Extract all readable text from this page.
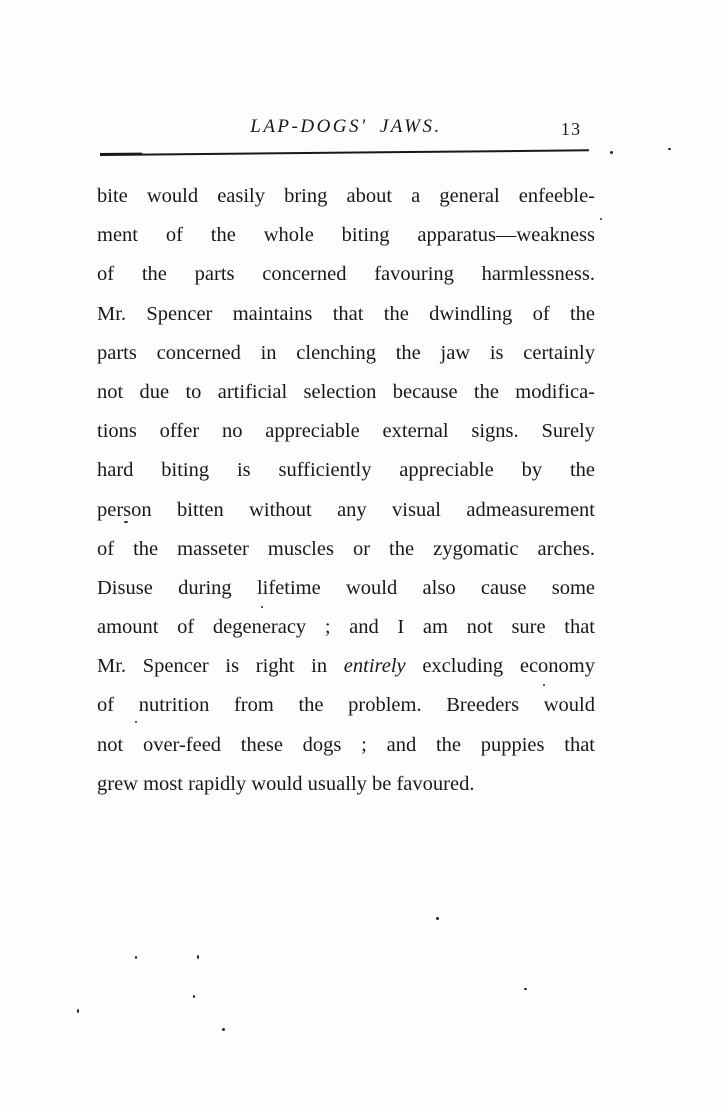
LAP-DOGS' JAWS.	13
bite would easily bring about a general enfeeble-
ment of the whole biting apparatus—weakness
of the parts concerned favouring harmlessness.
Mr. Spencer maintains that the dwindling of the
parts concerned in clenching the jaw is certainly
not due to artificial selection because the modifica-
tions offer no appreciable external signs. Surely
hard biting is sufficiently appreciable by the
person bitten without any visual admeasurement
of the masseter muscles or the zygomatic arches.
Disuse during lifetime would also cause some
amount of degeneracy ; and I am not sure that
Mr. Spencer is right in entirely excluding economy
of nutrition from the problem. Breeders would
not over-feed these dogs ; and the puppies that
grew most rapidly would usually be favoured.
